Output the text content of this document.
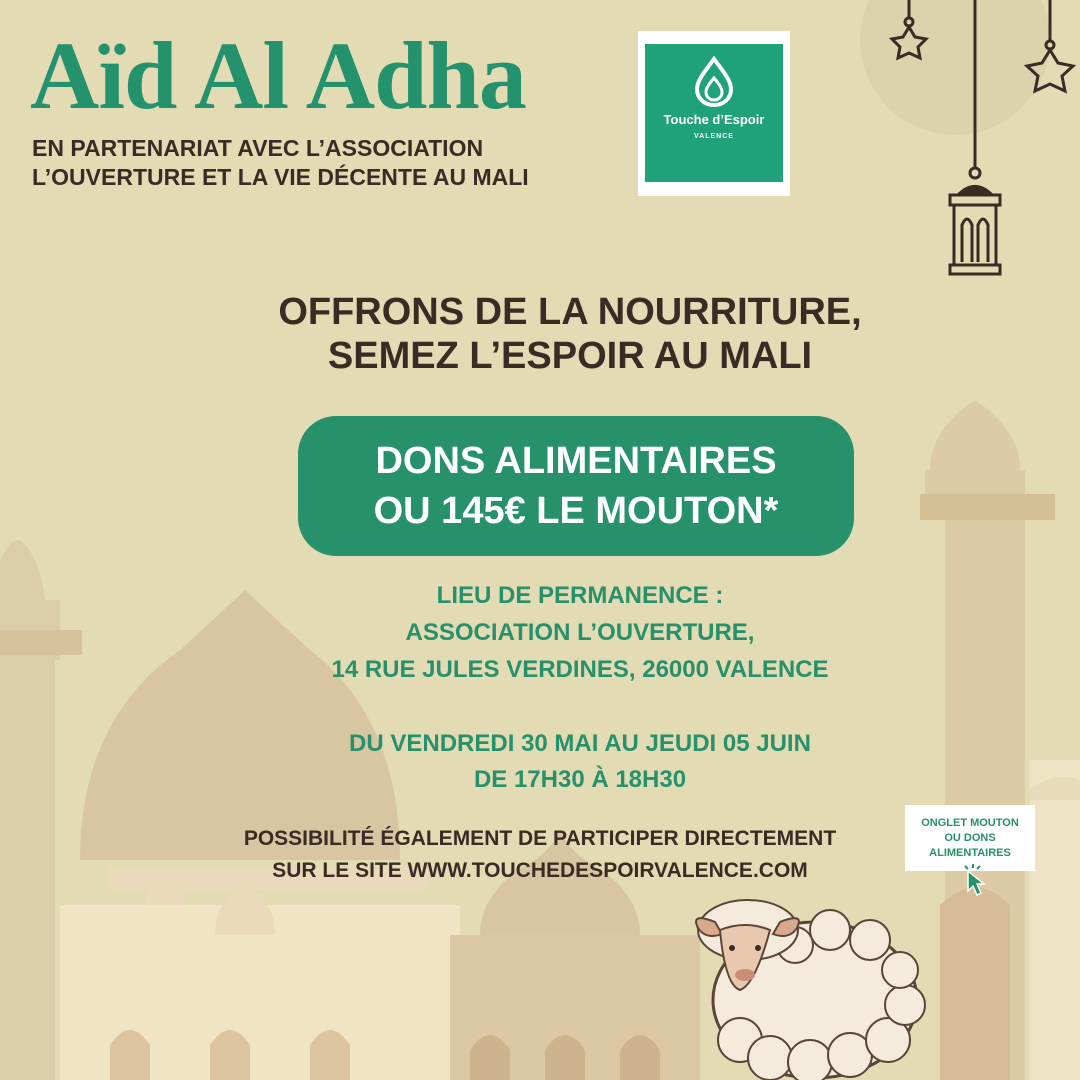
Aïd Al Adha
EN PARTENARIAT AVEC L’ASSOCIATION
L’OUVERTURE ET LA VIE DÉCENTE AU MALI
Touche d’Espoir
VALENCE
OFFRONS DE LA NOURRITURE,
SEMEZ L’ESPOIR AU MALI
DONS ALIMENTAIRES
OU 145€ LE MOUTON*
LIEU DE PERMANENCE :
ASSOCIATION L’OUVERTURE,
14 RUE JULES VERDINES, 26000 VALENCE
DU VENDREDI 30 MAI AU JEUDI 05 JUIN
DE 17H30 À 18H30
POSSIBILITÉ ÉGALEMENT DE PARTICIPER DIRECTEMENT
SUR LE SITE WWW.TOUCHEDESPOIRVALENCE.COM
ONGLET MOUTON
OU DONS
ALIMENTAIRES
